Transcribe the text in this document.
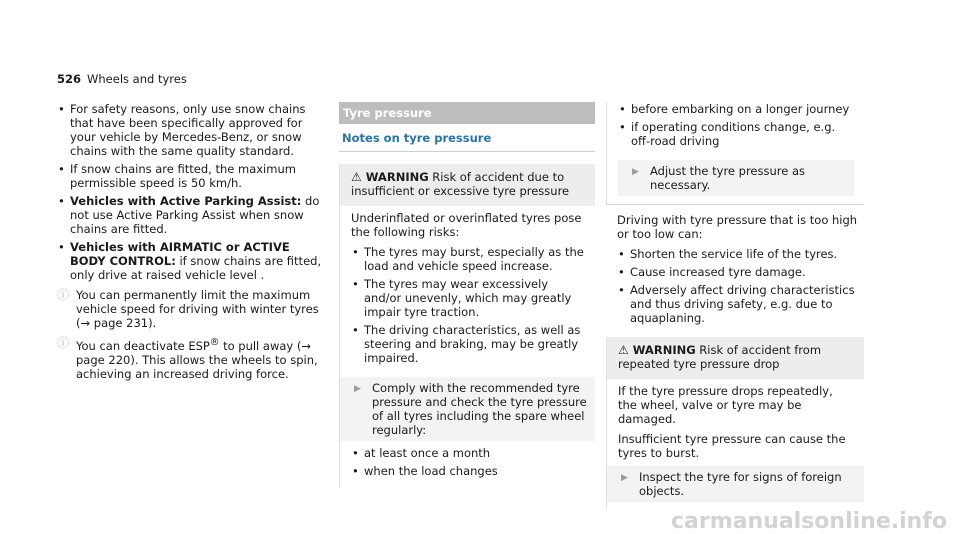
526 Wheels and tyres
• For safety reasons, only use snow chains that have been specifically approved for your vehicle by Mercedes-Benz, or snow chains with the same quality standard.
• If snow chains are fitted, the maximum permissible speed is 50 km/h.
• Vehicles with Active Parking Assist: do not use Active Parking Assist when snow chains are fitted.
• Vehicles with AIRMATIC or ACTIVE BODY CONTROL: if snow chains are fitted, only drive at raised vehicle level .
ⓘ You can permanently limit the maximum vehicle speed for driving with winter tyres (→ page 231).
ⓘ You can deactivate ESP® to pull away (→ page 220). This allows the wheels to spin, achieving an increased driving force.
Tyre pressure
Notes on tyre pressure
⚠ WARNING Risk of accident due to insufficient or excessive tyre pressure

Underinflated or overinflated tyres pose the following risks:

• The tyres may burst, especially as the load and vehicle speed increase.
• The tyres may wear excessively and/or unevenly, which may greatly impair tyre traction.
• The driving characteristics, as well as steering and braking, may be greatly impaired.
▶ Comply with the recommended tyre pressure and check the tyre pressure of all tyres including the spare wheel regularly:
• at least once a month
• when the load changes
• before embarking on a longer journey
• if operating conditions change, e.g. off-road driving
▶ Adjust the tyre pressure as necessary.

Driving with tyre pressure that is too high or too low can:

• Shorten the service life of the tyres.
• Cause increased tyre damage.
• Adversely affect driving characteristics and thus driving safety, e.g. due to aquaplaning.
⚠ WARNING Risk of accident from repeated tyre pressure drop

If the tyre pressure drops repeatedly, the wheel, valve or tyre may be damaged.

Insufficient tyre pressure can cause the tyres to burst.

▶ Inspect the tyre for signs of foreign objects.
carmanualsonline.info
